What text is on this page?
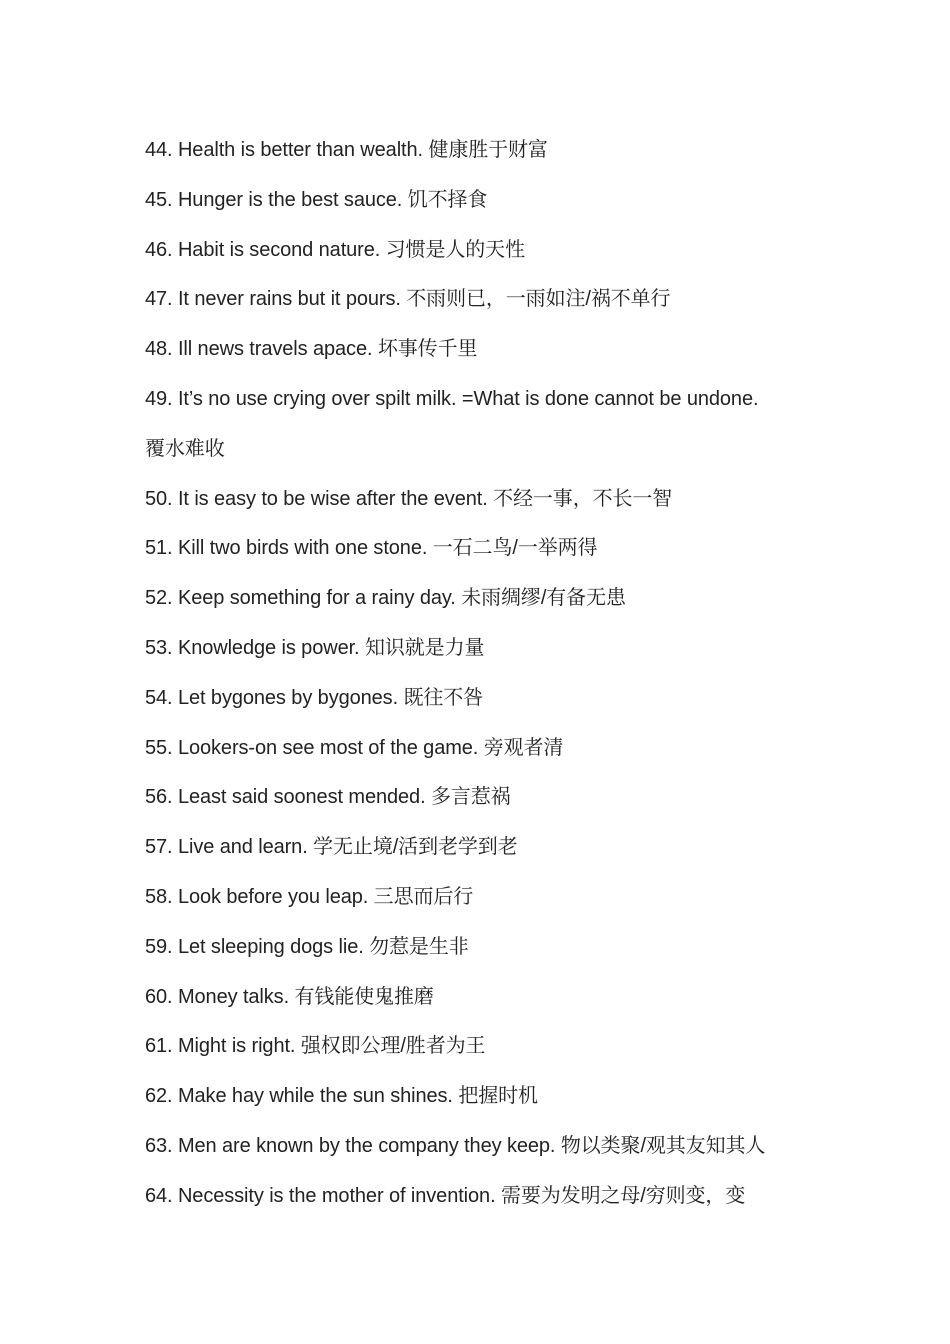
44. Health is better than wealth. 健康胜于财富
45. Hunger is the best sauce. 饥不择食
46. Habit is second nature. 习惯是人的天性
47. It never rains but it pours. 不雨则已，一雨如注/祸不单行
48. Ill news travels apace. 坏事传千里
49. It’s no use crying over spilt milk. =What is done cannot be undone.
覆水难收
50. It is easy to be wise after the event. 不经一事，不长一智
51. Kill two birds with one stone. 一石二鸟/一举两得
52. Keep something for a rainy day. 未雨绸缪/有备无患
53. Knowledge is power. 知识就是力量
54. Let bygones by bygones. 既往不咎
55. Lookers-on see most of the game. 旁观者清
56. Least said soonest mended. 多言惹祸
57. Live and learn. 学无止境/活到老学到老
58. Look before you leap. 三思而后行
59. Let sleeping dogs lie. 勿惹是生非
60. Money talks. 有钱能使鬼推磨
61. Might is right. 强权即公理/胜者为王
62. Make hay while the sun shines. 把握时机
63. Men are known by the company they keep. 物以类聚/观其友知其人
64. Necessity is the mother of invention. 需要为发明之母/穷则变，变
